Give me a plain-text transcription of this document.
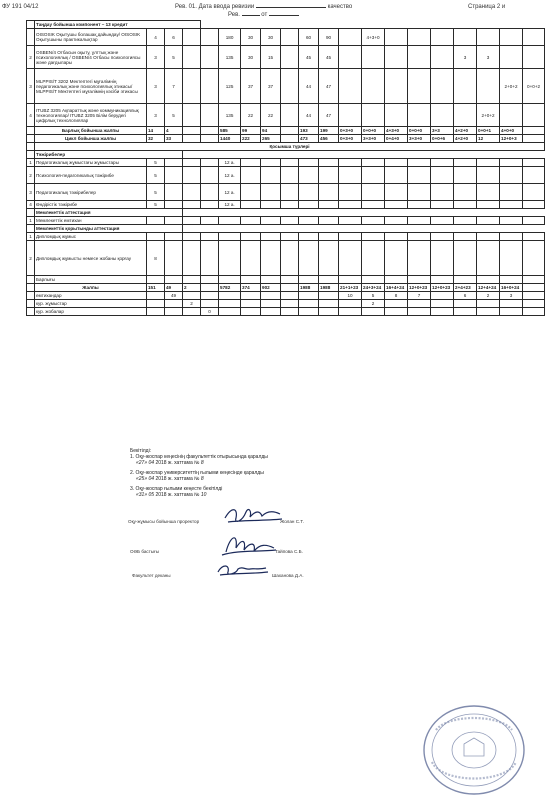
ФУ 191 04/12	Рев. 01. Дата ввода ревизии	качество
Рев.	от
Страница 2 и
	Таңдау бойынша компонент – 13 кредит																			
	OISOSIK Оқытушы болашақ дайындау/ OISOSIK Оқытушыны практикалықтар	4	6			180	30	30		60	90		4+3+0							
2	OSBEN/4 Отбасын оқыту, ұлттық және психологиялық / OSBEN/4 Отбасы психологиясы және дағдылары	3	5			135	30	15		45	45						3	3		
3	MLPPIS/T 3202 Мектептегі мұғалімнің педагогикалық және психологиялық этикасы/ MLPPIS/T Мектептегі мұғалімнің кәсіби этикасы	3	7			125	37	37		44	47								2+0+2	0+0+2
4	ITUBZ 3205 Ақпараттық және коммуникациялық технологиялар/ ITUBZ 3205 Білім берудегі цифрлық технологиялар	3	5			135	22	22		44	47							2+0+2		
	Барлық бойынша жалпы	14	4			585	99	94		193	199	0+3+0	0+0+0	4+3+0	0+0+0	3+3	4+2+0	0+0+1	4+0+0	
	Цикл бойынша жалпы	32	33			1440	222	265		473	456	0+3+0	3+3+0	0+4+0	3+3+0	0+0+6	4+2+0	12	12+0+3	
	Қосымша түрлері																			
	Тәжірибелер																			
1	Педагогикалық жұмыстағы жұмыстары	5				12 а.														
2	Психология-педагогикалық тәжірибе	5				12 а.														
3	Педагогикалық тәжірибелер	5				12 а.														
4	Өндірістік тәжірибе	5				12 а.														
	Мемлекеттік аттестация																			
1	Мемлекеттік емтихан																			
	Мемлекеттік қорытынды аттестация																			
1	Дипломдық жұмыс																			
2	Дипломдық жұмысты немесе жобаны қорғау	8																		
	Барлығы																			
	Жалпы	151	49	2		5782	374	902		1988	1988	21+1+23	24+3+24	16+4+24	12+0+23	12+0+23	2+4+23	12+4+24	16+0+24	
	емтихандар		49									10	5	8	7		6	2	3	
	кур. жұмыстар			2									2							
	кур. жобалар				0															
Бекітілді:
1. Оқу-жоспар кеңесінің факультеттік отырысында қаралды
«27» 04 2018 ж. хаттама № 8
2. Оқу-жоспар университеттің ғылыми кеңесінде қаралды
«25» 04 2018 ж. хаттама № 8
3. Оқу-жоспар ғылыми кеңесте бекітілді
«31» 05 2018 ж. хаттама № 10
Оқу-жұмысы бойынша проректор	Жолан С.Т.
ОӘБ бастығы	Тайпова С.Б.
Факультет деканы	Шаханова Д.А.
